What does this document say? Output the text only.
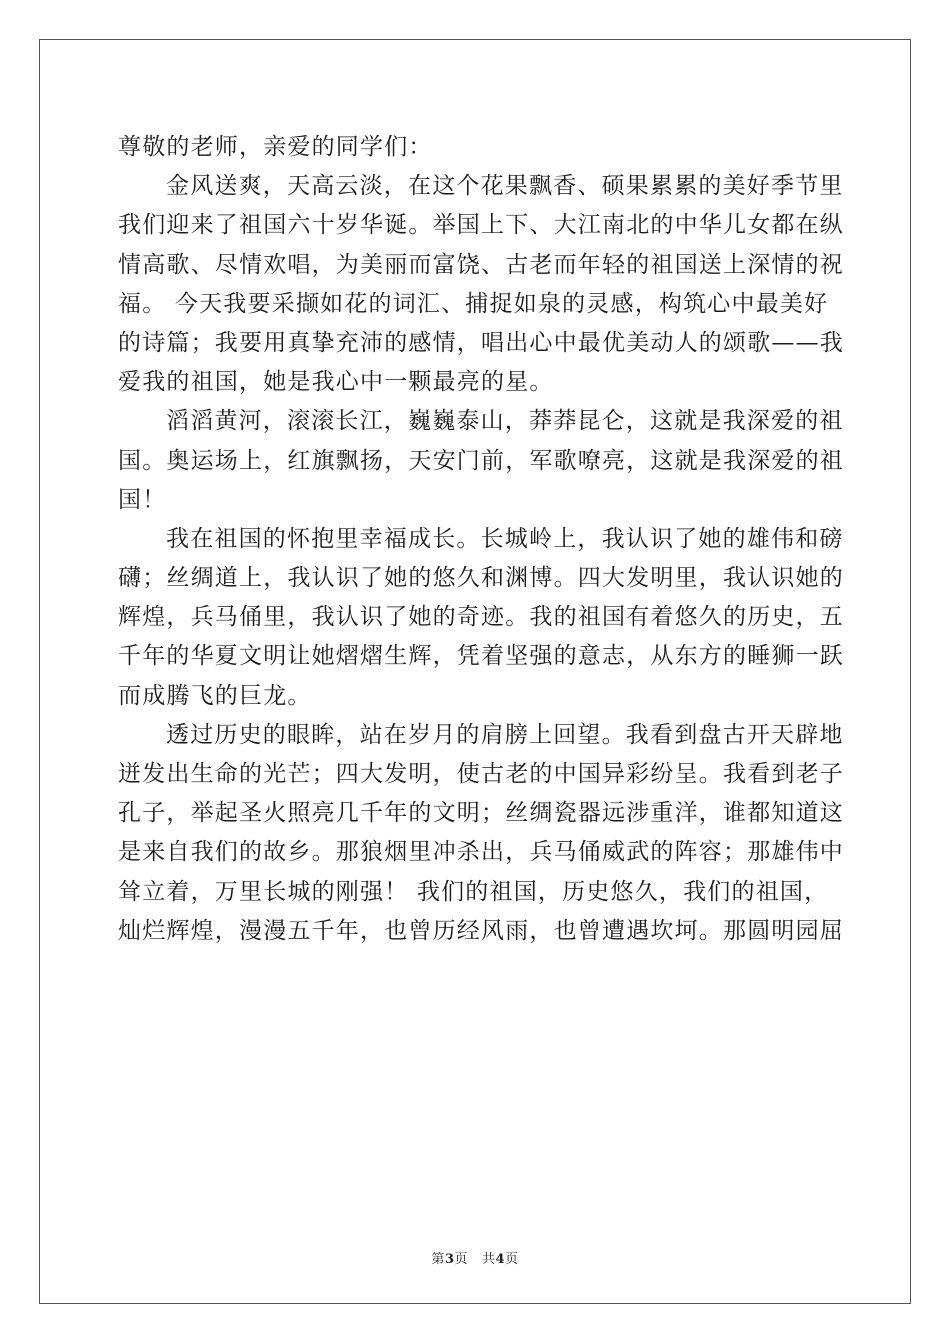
尊敬的老师，亲爱的同学们：
金风送爽，天高云淡，在这个花果飘香、硕果累累的美好季节里
我们迎来了祖国六十岁华诞。举国上下、大江南北的中华儿女都在纵
情高歌、尽情欢唱，为美丽而富饶、古老而年轻的祖国送上深情的祝
福。 今天我要采撷如花的词汇、捕捉如泉的灵感，构筑心中最美好
的诗篇；我要用真挚充沛的感情，唱出心中最优美动人的颂歌——我
爱我的祖国，她是我心中一颗最亮的星。
滔滔黄河，滚滚长江，巍巍泰山，莽莽昆仑，这就是我深爱的祖
国。奥运场上，红旗飘扬，天安门前，军歌嘹亮，这就是我深爱的祖
国！
我在祖国的怀抱里幸福成长。长城岭上，我认识了她的雄伟和磅
礴；丝绸道上，我认识了她的悠久和渊博。四大发明里，我认识她的
辉煌，兵马俑里，我认识了她的奇迹。我的祖国有着悠久的历史，五
千年的华夏文明让她熠熠生辉，凭着坚强的意志，从东方的睡狮一跃
而成腾飞的巨龙。
透过历史的眼眸，站在岁月的肩膀上回望。我看到盘古开天辟地
迸发出生命的光芒；四大发明，使古老的中国异彩纷呈。我看到老子
孔子，举起圣火照亮几千年的文明；丝绸瓷器远涉重洋，谁都知道这
是来自我们的故乡。那狼烟里冲杀出，兵马俑威武的阵容；那雄伟中
耸立着，万里长城的刚强！ 我们的祖国，历史悠久，我们的祖国，
灿烂辉煌，漫漫五千年，也曾历经风雨，也曾遭遇坎坷。那圆明园屈
第3页 共4页
